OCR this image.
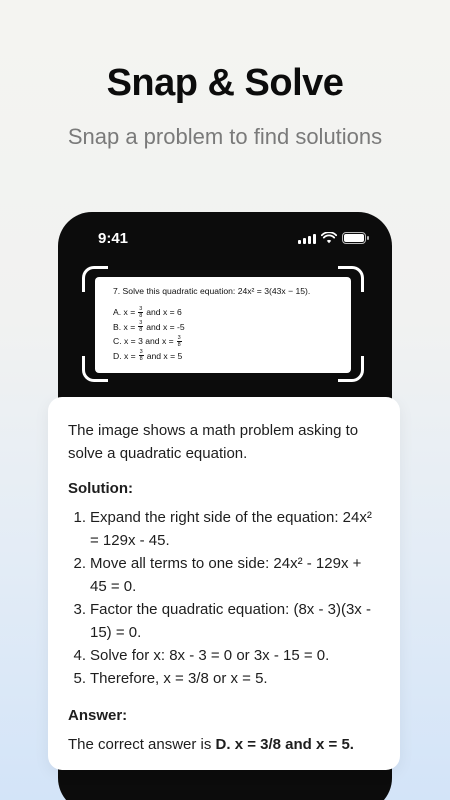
Snap & Solve
Snap a problem to find solutions
9:41
7. Solve this quadratic equation: 24x² = 3(43x − 15).
A. $x = \frac{3}{8}$ and x = 6
B. $x = \frac{3}{8}$ and x = -5
C. x = 3 and $x = \frac{3}{8}$
D. $x = \frac{3}{8}$ and x = 5

The image shows a math problem asking to solve a quadratic equation.

Solution:

1. Expand the right side of the equation: 24x² = 129x - 45.
2. Move all terms to one side: 24x² - 129x + 45 = 0.
3. Factor the quadratic equation: (8x - 3)(3x - 15) = 0.
4. Solve for x: 8x - 3 = 0 or 3x - 15 = 0.
5. Therefore, x = 3/8 or x = 5.

Answer:

The correct answer is D. x = 3/8 and x = 5.
